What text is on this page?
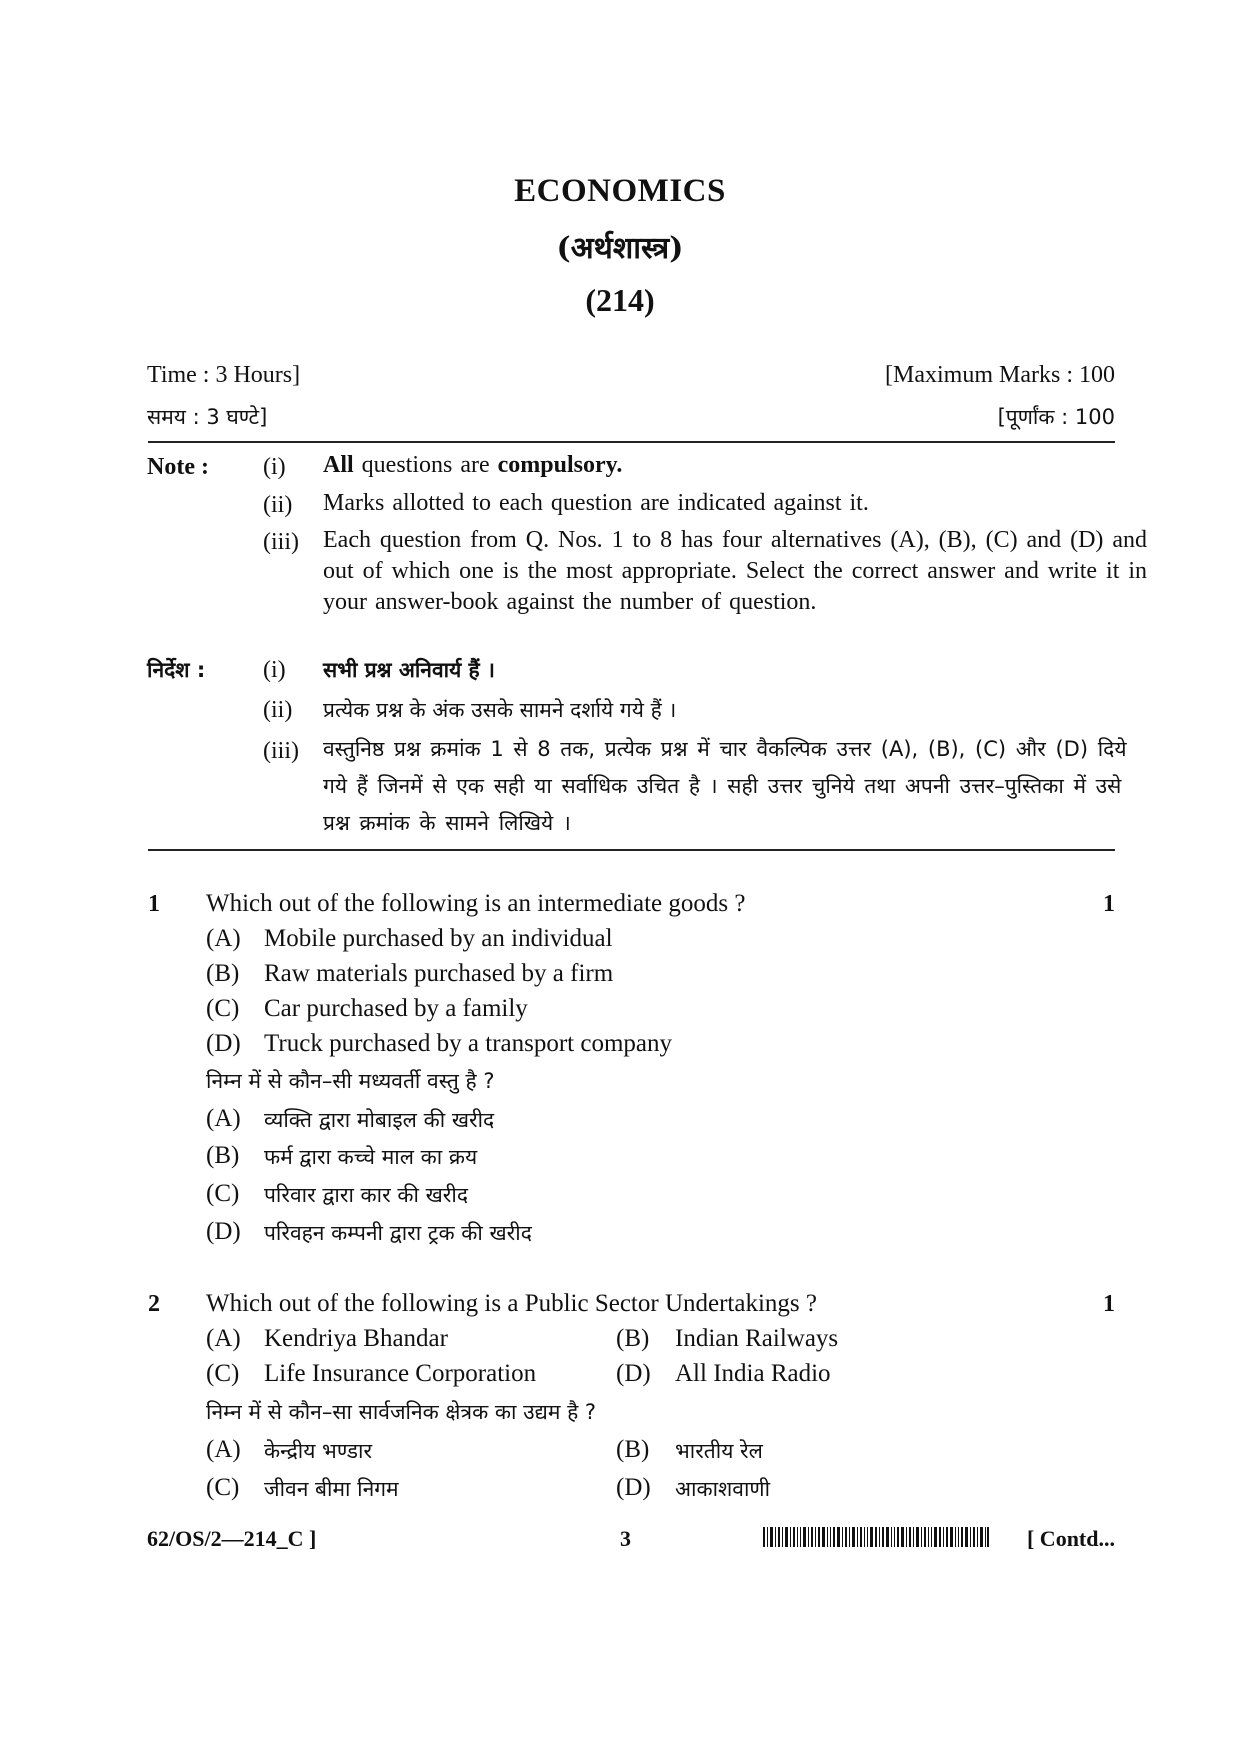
ECONOMICS
(अर्थशास्त्र)
(214)
Time : 3 Hours]	[Maximum Marks : 100
समय : 3 घण्टे]	[पूर्णांक : 100
Note : (i) All questions are compulsory.
(ii) Marks allotted to each question are indicated against it.
(iii) Each question from Q. Nos. 1 to 8 has four alternatives (A), (B), (C) and (D) and out of which one is the most appropriate. Select the correct answer and write it in your answer-book against the number of question.
निर्देश : (i) सभी प्रश्न अनिवार्य हैं ।
(ii) प्रत्येक प्रश्न के अंक उसके सामने दर्शाये गये हैं ।
(iii) वस्तुनिष्ठ प्रश्न क्रमांक 1 से 8 तक, प्रत्येक प्रश्न में चार वैकल्पिक उत्तर (A), (B), (C) और (D) दिये गये हैं जिनमें से एक सही या सर्वाधिक उचित है । सही उत्तर चुनिये तथा अपनी उत्तर–पुस्तिका में उसे प्रश्न क्रमांक के सामने लिखिये ।
1 Which out of the following is an intermediate goods ?	1
(A) Mobile purchased by an individual
(B) Raw materials purchased by a firm
(C) Car purchased by a family
(D) Truck purchased by a transport company
निम्न में से कौन–सी मध्यवर्ती वस्तु है ?
(A) व्यक्ति द्वारा मोबाइल की खरीद
(B) फर्म द्वारा कच्चे माल का क्रय
(C) परिवार द्वारा कार की खरीद
(D) परिवहन कम्पनी द्वारा ट्रक की खरीद
2 Which out of the following is a Public Sector Undertakings ?	1
(A) Kendriya Bhandar	(B) Indian Railways
(C) Life Insurance Corporation	(D) All India Radio
निम्न में से कौन–सा सार्वजनिक क्षेत्रक का उद्यम है ?
(A) केन्द्रीय भण्डार	(B) भारतीय रेल
(C) जीवन बीमा निगम	(D) आकाशवाणी
62/OS/2—214_C ]	3	[ Contd...
